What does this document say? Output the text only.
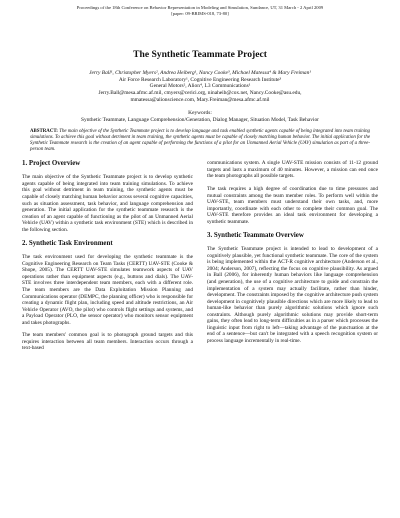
Proceedings of the 18th Conference on Behavior Representation in Modeling and Simulation, Sundance, UT, 31 March - 2 April 2009
[paper: 09-BRIMS-018, 73-80]
The Synthetic Teammate Project
Jerry Ball¹, Christopher Myers², Andrea Heiberg¹, Nancy Cooke³, Michael Matessa⁴ & Mary Freiman¹
Air Force Research Laboratory¹, Cognitive Engineering Research Institute³
General Motors², Alion⁴, L3 Communications¹
Jerry.Ball@mesa.afmc.af.mil, cmyers@cerici.org, ninaheib@cox.net, Nancy.Cooke@asu.edu,
mmatessa@alionscience.com, Mary.Freiman@mesa.afmc.af.mil
Keywords:
Synthetic Teammate, Language Comprehension/Generation, Dialog Manager, Situation Model, Task Behavior
ABSTRACT: The main objective of the Synthetic Teammate project is to develop language and task enabled synthetic agents capable of being integrated into team training simulations. To achieve this goal without detriment in team training, the synthetic agents must be capable of closely matching human behavior. The initial application for the Synthetic Teammate research is the creation of an agent capable of performing the functions of a pilot for an Unmanned Aerial Vehicle (UAV) simulation as part of a three-person team.
1. Project Overview

The main objective of the Synthetic Teammate project is to develop synthetic agents capable of being integrated into team training simulations. To achieve this goal without detriment in team training, the synthetic agents must be capable of closely matching human behavior across several cognitive capacities, such as situation assessment, task behavior, and language comprehension and generation. The initial application for the synthetic teammate research is the creation of an agent capable of functioning as the pilot of an Unmanned Aerial Vehicle (UAV) within a synthetic task environment (STE) which is described in the following section.

2. Synthetic Task Environment

The task environment used for developing the synthetic teammate is the Cognitive Engineering Research on Team Tasks (CERTT) UAV-STE (Cooke & Shope, 2005). The CERTT UAV-STE simulates teamwork aspects of UAV operations rather than equipment aspects (e.g., buttons and dials). The UAV-STE involves three interdependent team members, each with a different role. The team members are the Data Exploitation Mission Planning and Communications operator (DEMPC, the planning officer) who is responsible for creating a dynamic flight plan, including speed and altitude restrictions, an Air Vehicle Operator (AVO, the pilot) who controls flight settings and systems, and a Payload Operator (PLO, the sensor operator) who monitors sensor equipment and takes photographs.

The team members' common goal is to photograph ground targets and this requires interaction between all team members. Interaction occurs through a text-based

communications system. A single UAV-STE mission consists of 11-12 ground targets and lasts a maximum of 40 minutes. However, a mission can end once the team photographs all possible targets.

The task requires a high degree of coordination due to time pressures and mutual constraints among the team member roles. To perform well within the UAV-STE, team members must understand their own tasks, and, more importantly, coordinate with each other to complete their common goal. The UAV-STE therefore provides an ideal task environment for developing a synthetic teammate.

3. Synthetic Teammate Overview

The Synthetic Teammate project is intended to lead to development of a cognitively plausible, yet functional synthetic teammate. The core of the system is being implemented within the ACT-R cognitive architecture (Anderson et al., 2004; Anderson, 2007), reflecting the focus on cognitive plausibility. As argued in Ball (2006), for inherently human behaviors like language comprehension (and generation), the use of a cognitive architecture to guide and constrain the implementation of a system may actually facilitate, rather than hinder, development. The constraints imposed by the cognitive architecture push system development in cognitively plausible directions which are more likely to lead to human-like behavior than purely algorithmic solutions which ignore such constraints. Although purely algorithmic solutions may provide short-term gains, they often lead to long-term difficulties as in a parser which processes the linguistic input from right to left—taking advantage of the punctuation at the end of a sentence—but can't be integrated with a speech recognition system or process language incrementally in real-time.
